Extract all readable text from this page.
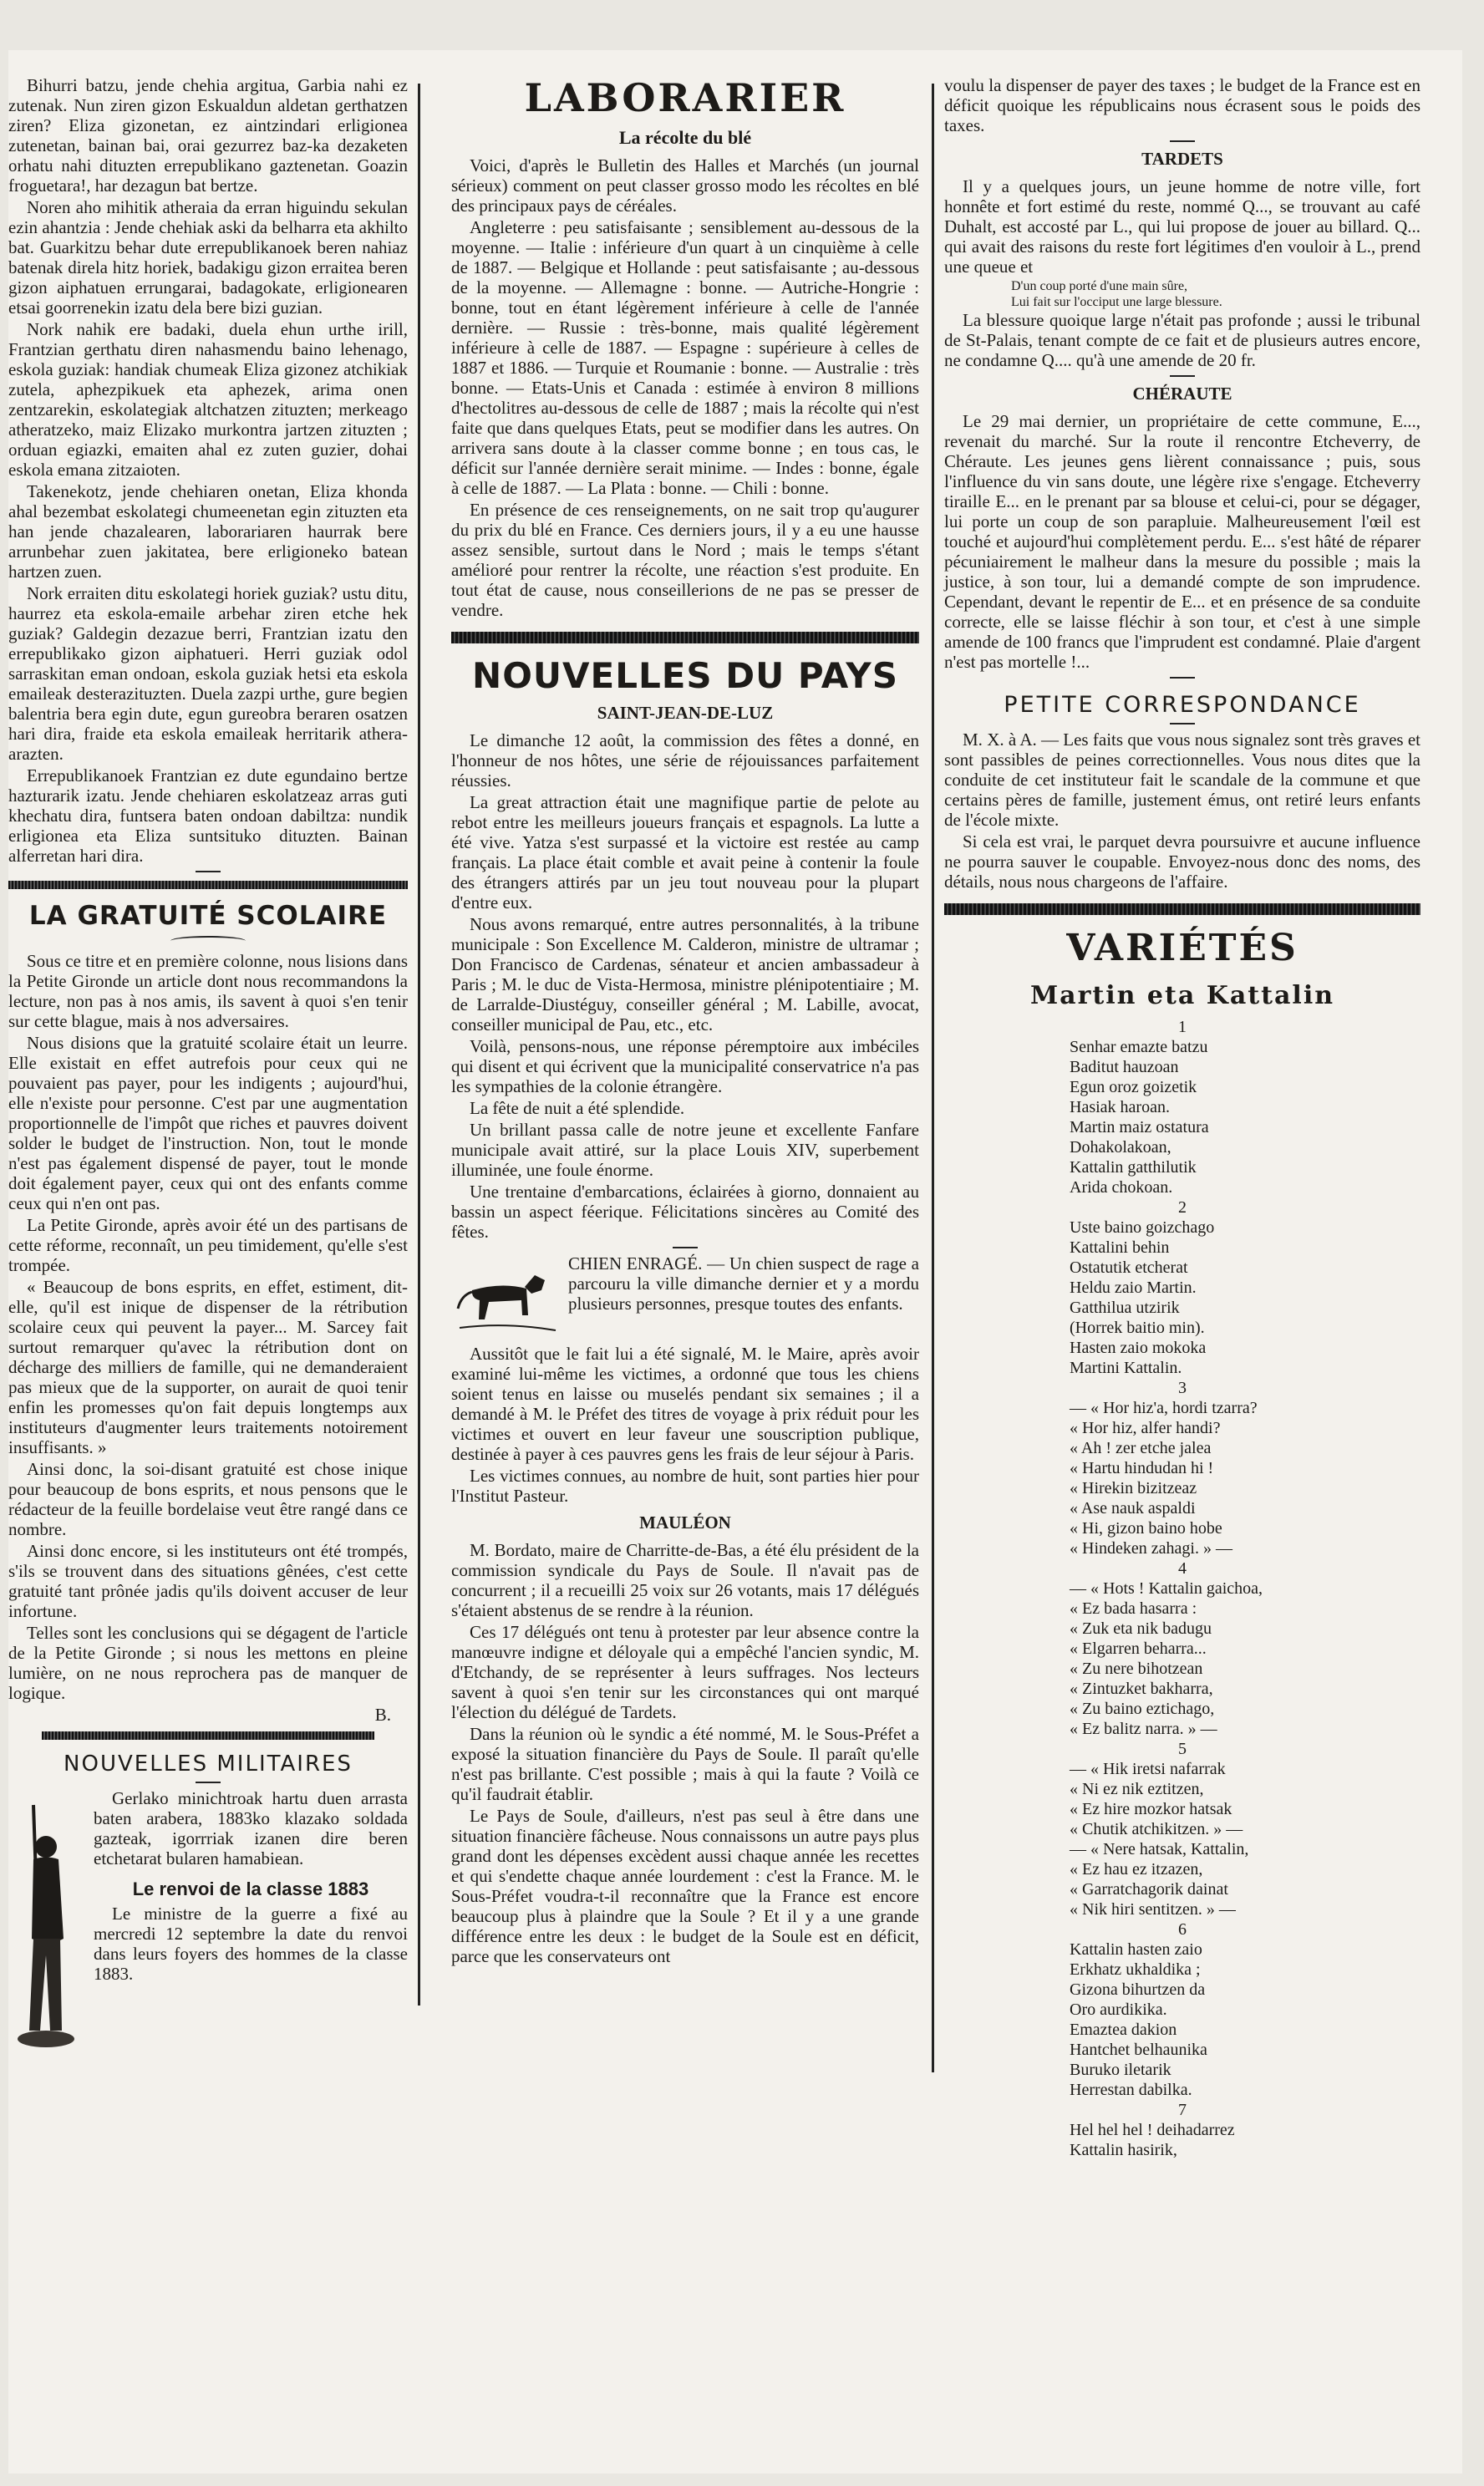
Bihurri batzu, jende chehia argitua, Garbia nahi ez zutenak. Nun ziren gizon Eskualdun aldetan gerthatzen ziren? Eliza gizonetan, ez aintzindari erligionea zutenetan, bainan bai, orai gezurrez baz-ka dezaketen orhatu nahi dituzten errepublikano gaztenetan. Goazin froguetara!, har dezagun bat bertze.

Noren aho mihitik atheraia da erran higuindu sekulan ezin ahantzia : Jende chehiak aski da belharra eta akhilto bat. Guarkitzu behar dute errepublikanoek beren nahiaz batenak direla hitz horiek, badakigu gizon erraitea beren gizon aiphatuen errungarai, badagokate, erligionearen etsai goorrenekin izatu dela bere bizi guzian.

Nork nahik ere badaki, duela ehun urthe irill, Frantzian gerthatu diren nahasmendu baino lehenago, eskola guziak: handiak chumeak Eliza gizonez atchikiak zutela, aphezpikuek eta aphezek, arima onen zentzarekin, eskolategiak altchatzen zituzten; merkeago atheratzeko, maiz Elizako murkontra jartzen zituzten ; orduan egiazki, emaiten ahal ez zuten guzier, dohai eskola emana zitzaioten.

Takenekotz, jende chehiaren onetan, Eliza khonda ahal bezembat eskolategi chumeenetan egin zituzten eta han jende chazalearen, laborariaren haurrak bere arrunbehar zuen jakitatea, bere erligioneko batean hartzen zuen.

Nork erraiten ditu eskolategi horiek guziak? ustu ditu, haurrez eta eskola-emaile arbehar ziren etche hek guziak? Galdegin dezazue berri, Frantzian izatu den errepublikako gizon aiphatueri. Herri guziak odol sarraskitan eman ondoan, eskola guziak hetsi eta eskola emaileak desterazituzten. Duela zazpi urthe, gure begien balentria bera egin dute, egun gureobra beraren osatzen hari dira, fraide eta eskola emaileak herritarik athera-arazten.

Errepublikanoek Frantzian ez dute egundaino bertze hazturarik izatu. Jende chehiaren eskolatzeaz arras guti khechatu dira, funtsera baten ondoan dabiltza: nundik erligionea eta Eliza suntsituko dituzten. Bainan alferretan hari dira.

LA GRATUITÉ SCOLAIRE

Sous ce titre et en première colonne, nous lisions dans la Petite Gironde un article dont nous recommandons la lecture, non pas à nos amis, ils savent à quoi s'en tenir sur cette blague, mais à nos adversaires.

Nous disions que la gratuité scolaire était un leurre. Elle existait en effet autrefois pour ceux qui ne pouvaient pas payer, pour les indigents ; aujourd'hui, elle n'existe pour personne. C'est par une augmentation proportionnelle de l'impôt que riches et pauvres doivent solder le budget de l'instruction. Non, tout le monde n'est pas également dispensé de payer, tout le monde doit également payer, ceux qui ont des enfants comme ceux qui n'en ont pas.

La Petite Gironde, après avoir été un des partisans de cette réforme, reconnaît, un peu timidement, qu'elle s'est trompée.

« Beaucoup de bons esprits, en effet, estiment, dit-elle, qu'il est inique de dispenser de la rétribution scolaire ceux qui peuvent la payer... M. Sarcey fait surtout remarquer qu'avec la rétribution dont on décharge des milliers de famille, qui ne demanderaient pas mieux que de la supporter, on aurait de quoi tenir enfin les promesses qu'on fait depuis longtemps aux instituteurs d'augmenter leurs traitements notoirement insuffisants. »

Ainsi donc, la soi-disant gratuité est chose inique pour beaucoup de bons esprits, et nous pensons que le rédacteur de la feuille bordelaise veut être rangé dans ce nombre.

Ainsi donc encore, si les instituteurs ont été trompés, s'ils se trouvent dans des situations gênées, c'est cette gratuité tant prônée jadis qu'ils doivent accuser de leur infortune.

Telles sont les conclusions qui se dégagent de l'article de la Petite Gironde ; si nous les mettons en pleine lumière, on ne nous reprochera pas de manquer de logique.

B.

NOUVELLES MILITAIRES

Gerlako minichtroak hartu duen arrasta baten arabera, 1883ko klazako soldada gazteak, igorrriak izanen dire beren etchetarat bularen hamabiean.

Le renvoi de la classe 1883

Le ministre de la guerre a fixé au mercredi 12 septembre la date du renvoi dans leurs foyers des hommes de la classe 1883.

LABORARIER
La récolte du blé

Voici, d'après le Bulletin des Halles et Marchés (un journal sérieux) comment on peut classer grosso modo les récoltes en blé des principaux pays de céréales.

Angleterre : peu satisfaisante ; sensiblement au-dessous de la moyenne. — Italie : inférieure d'un quart à un cinquième à celle de 1887. — Belgique et Hollande : peut satisfaisante ; au-dessous de la moyenne. — Allemagne : bonne. — Autriche-Hongrie : bonne, tout en étant légèrement inférieure à celle de l'année dernière. — Russie : très-bonne, mais qualité légèrement inférieure à celle de 1887. — Espagne : supérieure à celles de 1887 et 1886. — Turquie et Roumanie : bonne. — Australie : très bonne. — Etats-Unis et Canada : estimée à environ 8 millions d'hectolitres au-dessous de celle de 1887 ; mais la récolte qui n'est faite que dans quelques Etats, peut se modifier dans les autres. On arrivera sans doute à la classer comme bonne ; en tous cas, le déficit sur l'année dernière serait minime. — Indes : bonne, égale à celle de 1887. — La Plata : bonne. — Chili : bonne.

En présence de ces renseignements, on ne sait trop qu'augurer du prix du blé en France. Ces derniers jours, il y a eu une hausse assez sensible, surtout dans le Nord ; mais le temps s'étant amélioré pour rentrer la récolte, une réaction s'est produite. En tout état de cause, nous conseillerions de ne pas se presser de vendre.

NOUVELLES DU PAYS
SAINT-JEAN-DE-LUZ

Le dimanche 12 août, la commission des fêtes a donné, en l'honneur de nos hôtes, une série de réjouissances parfaitement réussies.

La great attraction était une magnifique partie de pelote au rebot entre les meilleurs joueurs français et espagnols. La lutte a été vive. Yatza s'est surpassé et la victoire est restée au camp français. La place était comble et avait peine à contenir la foule des étrangers attirés par un jeu tout nouveau pour la plupart d'entre eux.

Nous avons remarqué, entre autres personnalités, à la tribune municipale : Son Excellence M. Calderon, ministre de ultramar ; Don Francisco de Cardenas, sénateur et ancien ambassadeur à Paris ; M. le duc de Vista-Hermosa, ministre plénipotentiaire ; M. de Larralde-Diustéguy, conseiller général ; M. Labille, avocat, conseiller municipal de Pau, etc., etc.

Voilà, pensons-nous, une réponse péremptoire aux imbéciles qui disent et qui écrivent que la municipalité conservatrice n'a pas les sympathies de la colonie étrangère.

La fête de nuit a été splendide.

Un brillant passa calle de notre jeune et excellente Fanfare municipale avait attiré, sur la place Louis XIV, superbement illuminée, une foule énorme.

Une trentaine d'embarcations, éclairées à giorno, donnaient au bassin un aspect féerique. Félicitations sincères au Comité des fêtes.

CHIEN ENRAGÉ. — Un chien suspect de rage a parcouru la ville dimanche dernier et y a mordu plusieurs personnes, presque toutes des enfants.

Aussitôt que le fait lui a été signalé, M. le Maire, après avoir examiné lui-même les victimes, a ordonné que tous les chiens soient tenus en laisse ou muselés pendant six semaines ; il a demandé à M. le Préfet des titres de voyage à prix réduit pour les victimes et ouvert en leur faveur une souscription publique, destinée à payer à ces pauvres gens les frais de leur séjour à Paris.

Les victimes connues, au nombre de huit, sont parties hier pour l'Institut Pasteur.

MAULÉON

M. Bordato, maire de Charritte-de-Bas, a été élu président de la commission syndicale du Pays de Soule. Il n'avait pas de concurrent ; il a recueilli 25 voix sur 26 votants, mais 17 délégués s'étaient abstenus de se rendre à la réunion.

Ces 17 délégués ont tenu à protester par leur absence contre la manœuvre indigne et déloyale qui a empêché l'ancien syndic, M. d'Etchandy, de se représenter à leurs suffrages. Nos lecteurs savent à quoi s'en tenir sur les circonstances qui ont marqué l'élection du délégué de Tardets.

Dans la réunion où le syndic a été nommé, M. le Sous-Préfet a exposé la situation financière du Pays de Soule. Il paraît qu'elle n'est pas brillante. C'est possible ; mais à qui la faute ? Voilà ce qu'il faudrait établir.

Le Pays de Soule, d'ailleurs, n'est pas seul à être dans une situation financière fâcheuse. Nous connaissons un autre pays plus grand dont les dépenses excèdent aussi chaque année les recettes et qui s'endette chaque année lourdement : c'est la France. M. le Sous-Préfet voudra-t-il reconnaître que la France est encore beaucoup plus à plaindre que la Soule ? Et il y a une grande différence entre les deux : le budget de la Soule est en déficit, parce que les conservateurs ont

voulu la dispenser de payer des taxes ; le budget de la France est en déficit quoique les républicains nous écrasent sous le poids des taxes.

TARDETS

Il y a quelques jours, un jeune homme de notre ville, fort honnête et fort estimé du reste, nommé Q..., se trouvant au café Duhalt, est accosté par L., qui lui propose de jouer au billard. Q... qui avait des raisons du reste fort légitimes d'en vouloir à L., prend une queue et

D'un coup porté d'une main sûre,
Lui fait sur l'occiput une large blessure.

La blessure quoique large n'était pas profonde ; aussi le tribunal de St-Palais, tenant compte de ce fait et de plusieurs autres encore, ne condamne Q.... qu'à une amende de 20 fr.

CHÉRAUTE

Le 29 mai dernier, un propriétaire de cette commune, E..., revenait du marché. Sur la route il rencontre Etcheverry, de Chéraute. Les jeunes gens lièrent connaissance ; puis, sous l'influence du vin sans doute, une légère rixe s'engage. Etcheverry tiraille E... en le prenant par sa blouse et celui-ci, pour se dégager, lui porte un coup de son parapluie. Malheureusement l'œil est touché et aujourd'hui complètement perdu. E... s'est hâté de réparer pécuniairement le malheur dans la mesure du possible ; mais la justice, à son tour, lui a demandé compte de son imprudence. Cependant, devant le repentir de E... et en présence de sa conduite correcte, elle se laisse fléchir à son tour, et c'est à une simple amende de 100 francs que l'imprudent est condamné. Plaie d'argent n'est pas mortelle !...

PETITE CORRESPONDANCE

M. X. à A. — Les faits que vous nous signalez sont très graves et sont passibles de peines correctionnelles. Vous nous dites que la conduite de cet instituteur fait le scandale de la commune et que certains pères de famille, justement émus, ont retiré leurs enfants de l'école mixte.

Si cela est vrai, le parquet devra poursuivre et aucune influence ne pourra sauver le coupable. Envoyez-nous donc des noms, des détails, nous nous chargeons de l'affaire.

VARIÉTÉS
Martin eta Kattalin
1
Senhar emazte batzu
Baditut hauzoan
Egun oroz goizetik
Hasiak haroan.
Martin maiz ostatura
Dohakolakoan,
Kattalin gatthilutik
Arida chokoan.
2
Uste baino goizchago
Kattalini behin
Ostatutik etcherat
Heldu zaio Martin.
Gatthilua utzirik
(Horrek baitio min).
Hasten zaio mokoka
Martini Kattalin.
3
— « Hor hiz'a, hordi tzarra?
« Hor hiz, alfer handi?
« Ah ! zer etche jalea
« Hartu hindudan hi !
« Hirekin bizitzeaz
« Ase nauk aspaldi
« Hi, gizon baino hobe
« Hindeken zahagi. » —
4
— « Hots ! Kattalin gaichoa,
« Ez bada hasarra :
« Zuk eta nik badugu
« Elgarren beharra...
« Zu nere bihotzean
« Zintuzket bakharra,
« Zu baino eztichago,
« Ez balitz narra. » —
5
— « Hik iretsi nafarrak
« Ni ez nik eztitzen,
« Ez hire mozkor hatsak
« Chutik atchikitzen. » —
— « Nere hatsak, Kattalin,
« Ez hau ez itzazen,
« Garratchagorik dainat
« Nik hiri sentitzen. » —
6
Kattalin hasten zaio
Erkhatz ukhaldika ;
Gizona bihurtzen da
Oro aurdikika.
Emaztea dakion
Hantchet belhaunika
Buruko iletarik
Herrestan dabilka.
7
Hel hel hel ! deihadarrez
Kattalin hasirik,
